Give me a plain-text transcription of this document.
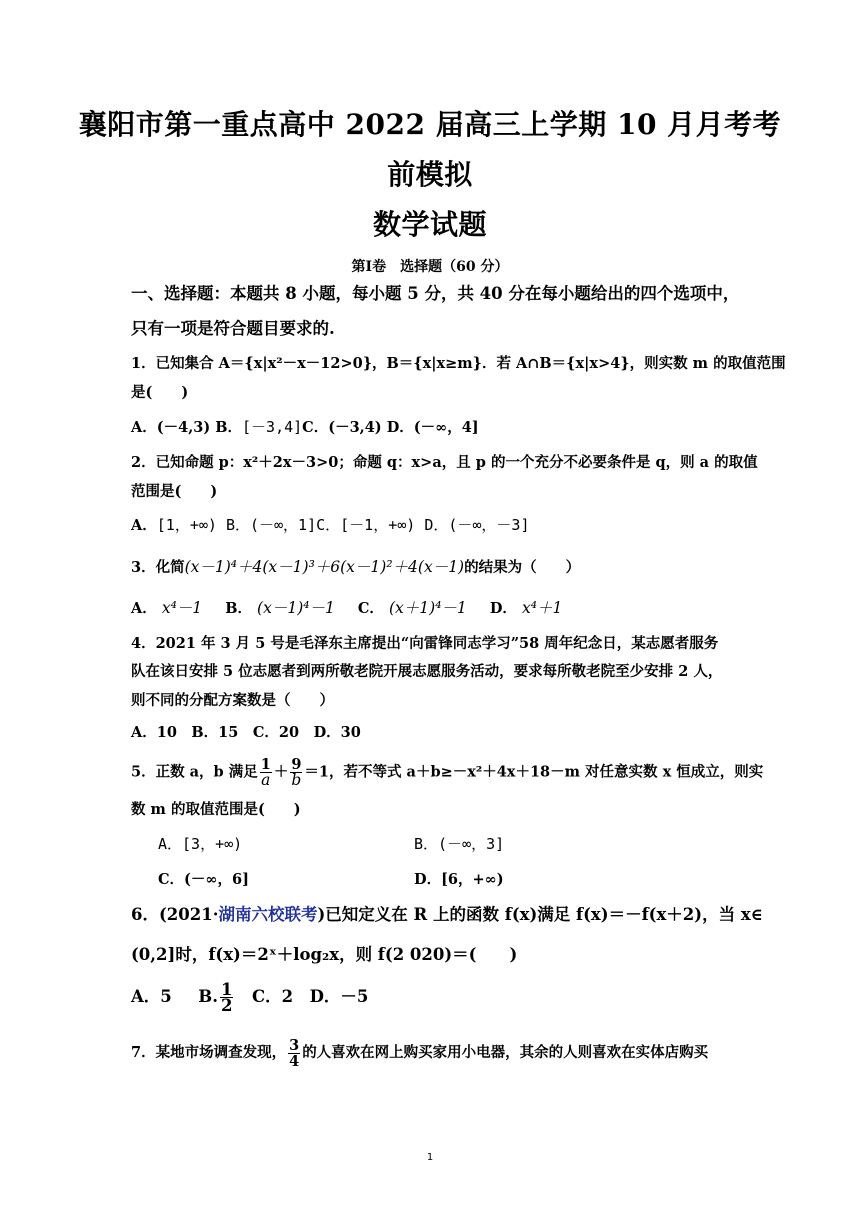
襄阳市第一重点高中 2022 届高三上学期 10 月月考考
前模拟
数学试题
第Ⅰ卷　选择题（60 分）
一、选择题：本题共 8 小题，每小题 5 分，共 40 分在每小题给出的四个选项中，
只有一项是符合题目要求的.
1．已知集合 A＝{x|x²－x－12>0}，B＝{x|x≥m}．若 A∩B＝{x|x>4}，则实数 m 的取值范围
是(　　)
A．(－4,3) B．[－3,4]C．(－3,4) D．(－∞，4]
2．已知命题 p：x²＋2x－3>0；命题 q：x>a，且 p 的一个充分不必要条件是 q，则 a 的取值
范围是(　　)
A．[1，+∞) B．(－∞，1]C．[－1，+∞) D．(－∞，－3]
3．化简(x－1)⁴＋4(x－1)³＋6(x－1)²＋4(x－1)的结果为（　　）
A． x⁴－1 B． (x－1)⁴－1 C． (x＋1)⁴－1 D． x⁴＋1
4．2021 年 3 月 5 号是毛泽东主席提出“向雷锋同志学习”58 周年纪念日，某志愿者服务
队在该日安排 5 位志愿者到两所敬老院开展志愿服务活动，要求每所敬老院至少安排 2 人，
则不同的分配方案数是（　　）
A．10　B．15　C．20　D．30
5．正数 a，b 满足 $\frac{1}{a} + \frac{9}{b} =1$，若不等式 a＋b≥－x²＋4x＋18－m 对任意实数 x 恒成立，则实
数 m 的取值范围是(　　)
A．[3，+∞)	B．(－∞，3]
C．(－∞，6]	D．[6，+∞)
6．(2021·湖南六校联考)已知定义在 R 上的函数 f(x)满足 f(x)＝－f(x＋2)，当 x∈
(0,2]时，f(x)＝2ˣ＋log₂x，则 f(2 020)＝(　　)
A．5　B. $\frac{1}{2}$ 　C．2　D．－5
7．某地市场调查发现， $\frac{3}{4}$ 的人喜欢在网上购买家用小电器，其余的人则喜欢在实体店购买
1
